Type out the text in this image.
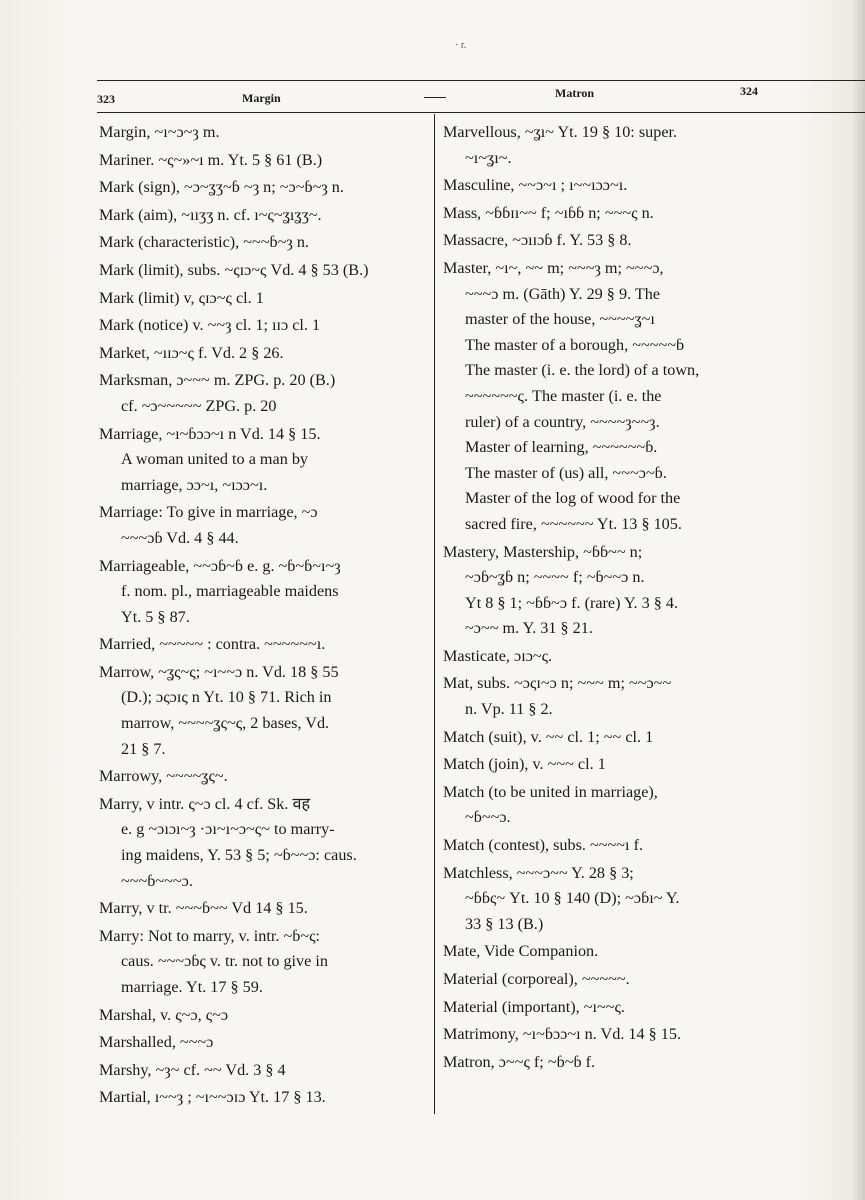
· r.
323	Margin	Matron	324
Margin, ~ı~ɔ~ȝ m.
Mariner. ~ς~»~ı m. Yt. 5 § 61 (B.)
Mark (sign), ~ɔ~ʓʒ~ɓ ~ȝ n; ~ɔ~ɓ~ȝ n.
Mark (aim), ~ııʒʒ n. cf. ı~ς~ʓıʓʒ~.
Mark (characteristic), ~~~ɓ~ȝ n.
Mark (limit), subs. ~ςɪɔ~ς Vd. 4 § 53 (B.)
Mark (limit) v, ςɪɔ~ς cl. 1
Mark (notice) v. ~~ȝ cl. 1; ıɪɔ cl. 1
Market, ~ıɪɔ~ς f. Vd. 2 § 26.
Marksman, ɔ~~~ m. ZPG. p. 20 (B.)
cf. ~ɔ~~~~~ ZPG. p. 20
Marriage, ~ı~ɓɔɔ~ı n Vd. 14 § 15.
A woman united to a man by
marriage, ɔɔ~ı, ~ıɔɔ~ı.
Marriage: To give in marriage, ~ɔ
~~~ɔɓ Vd. 4 § 44.
Marriageable, ~~ɔɓ~ɓ e. g. ~ɓ~ɓ~ı~ȝ
f. nom. pl., marriageable maidens
Yt. 5 § 87.
Married, ~~~~~ : contra. ~~~~~~ı.
Marrow, ~ʓς~ς; ~ı~~ɔ n. Vd. 18 § 55
(D.); ɔςɔɪς n Yt. 10 § 71. Rich in
marrow, ~~~~ʓς~ς, 2 bases, Vd.
21 § 7.
Marrowy, ~~~~ʓς~.
Marry, v intr. ς~ɔ cl. 4 cf. Sk. वह
e. g ~ɔıɔı~ȝ ·ɔı~ı~ɔ~ς~ to marry-
ing maidens, Y. 53 § 5; ~ɓ~~ɔ: caus.
~~~ɓ~~~ɔ.
Marry, v tr. ~~~ɓ~~ Vd 14 § 15.
Marry: Not to marry, v. intr. ~ɓ~ς:
caus. ~~~ɔɓς v. tr. not to give in
marriage. Yt. 17 § 59.
Marshal, v. ς~ɔ, ς~ɔ
Marshalled, ~~~ɔ
Marshy, ~ȝ~ cf. ~~ Vd. 3 § 4
Martial, ı~~ȝ ; ~ı~~ɔɪɔ Yt. 17 § 13.
Marvellous, ~ʓı~ Yt. 19 § 10: super.
~ı~ʓı~.
Masculine, ~~ɔ~ı ; ı~~ıɔɔ~ı.
Mass, ~ɓɓɪı~~ f; ~ıɓɓ n; ~~~ς n.
Massacre, ~ɔıɪɔɓ f. Y. 53 § 8.
Master, ~ı~, ~~ m; ~~~ȝ m; ~~~ɔ,
~~~ɔ m. (Gāth) Y. 29 § 9. The
master of the house, ~~~~ʓ~ı
The master of a borough, ~~~~~ɓ
The master (i. e. the lord) of a town,
~~~~~~ς. The master (i. e. the
ruler) of a country, ~~~~ȝ~~ȝ.
Master of learning, ~~~~~~ɓ.
The master of (us) all, ~~~ɔ~ɓ.
Master of the log of wood for the
sacred fire, ~~~~~~ Yt. 13 § 105.
Mastery, Mastership, ~ɓɓ~~ n;
~ɔɓ~ʓɓ n; ~~~~ f; ~ɓ~~ɔ n.
Yt 8 § 1; ~ɓɓ~ɔ f. (rare) Y. 3 § 4.
~ɔ~~ m. Y. 31 § 21.
Masticate, ɔɪɔ~ς.
Mat, subs. ~ɔςɪ~ɔ n; ~~~ m; ~~ɔ~~
n. Vp. 11 § 2.
Match (suit), v. ~~ cl. 1; ~~ cl. 1
Match (join), v. ~~~ cl. 1
Match (to be united in marriage),
~ɓ~~ɔ.
Match (contest), subs. ~~~~ı f.
Matchless, ~~~ɔ~~ Y. 28 § 3;
~ɓɓς~ Yt. 10 § 140 (D); ~ɔɓı~ Y.
33 § 13 (B.)
Mate, Vide Companion.
Material (corporeal), ~~~~~.
Material (important), ~ı~~ς.
Matrimony, ~ı~ɓɔɔ~ı n. Vd. 14 § 15.
Matron, ɔ~~ς f; ~ɓ~ɓ f.
